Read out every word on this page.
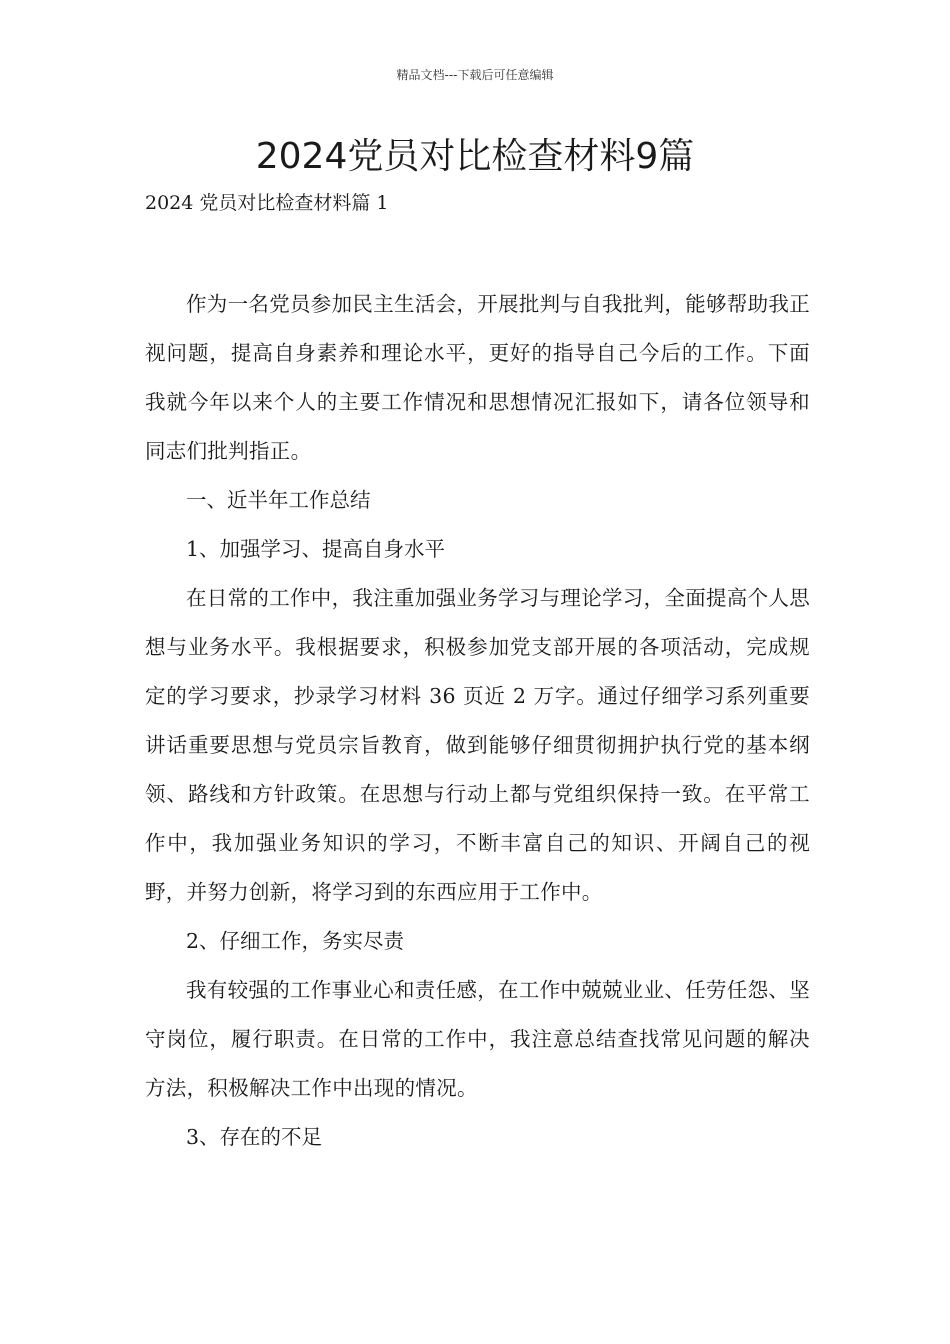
精品文档---下载后可任意编辑
2024党员对比检查材料9篇
2024 党员对比检查材料篇 1

作为一名党员参加民主生活会，开展批判与自我批判，能够帮助我正视问题，提高自身素养和理论水平，更好的指导自己今后的工作。下面我就今年以来个人的主要工作情况和思想情况汇报如下，请各位领导和同志们批判指正。

一、近半年工作总结

1、加强学习、提高自身水平

在日常的工作中，我注重加强业务学习与理论学习，全面提高个人思想与业务水平。我根据要求，积极参加党支部开展的各项活动，完成规定的学习要求，抄录学习材料 36 页近 2 万字。通过仔细学习系列重要讲话重要思想与党员宗旨教育，做到能够仔细贯彻拥护执行党的基本纲领、路线和方针政策。在思想与行动上都与党组织保持一致。在平常工作中，我加强业务知识的学习，不断丰富自己的知识、开阔自己的视野，并努力创新，将学习到的东西应用于工作中。

2、仔细工作，务实尽责

我有较强的工作事业心和责任感，在工作中兢兢业业、任劳任怨、坚守岗位，履行职责。在日常的工作中，我注意总结查找常见问题的解决方法，积极解决工作中出现的情况。

3、存在的不足
